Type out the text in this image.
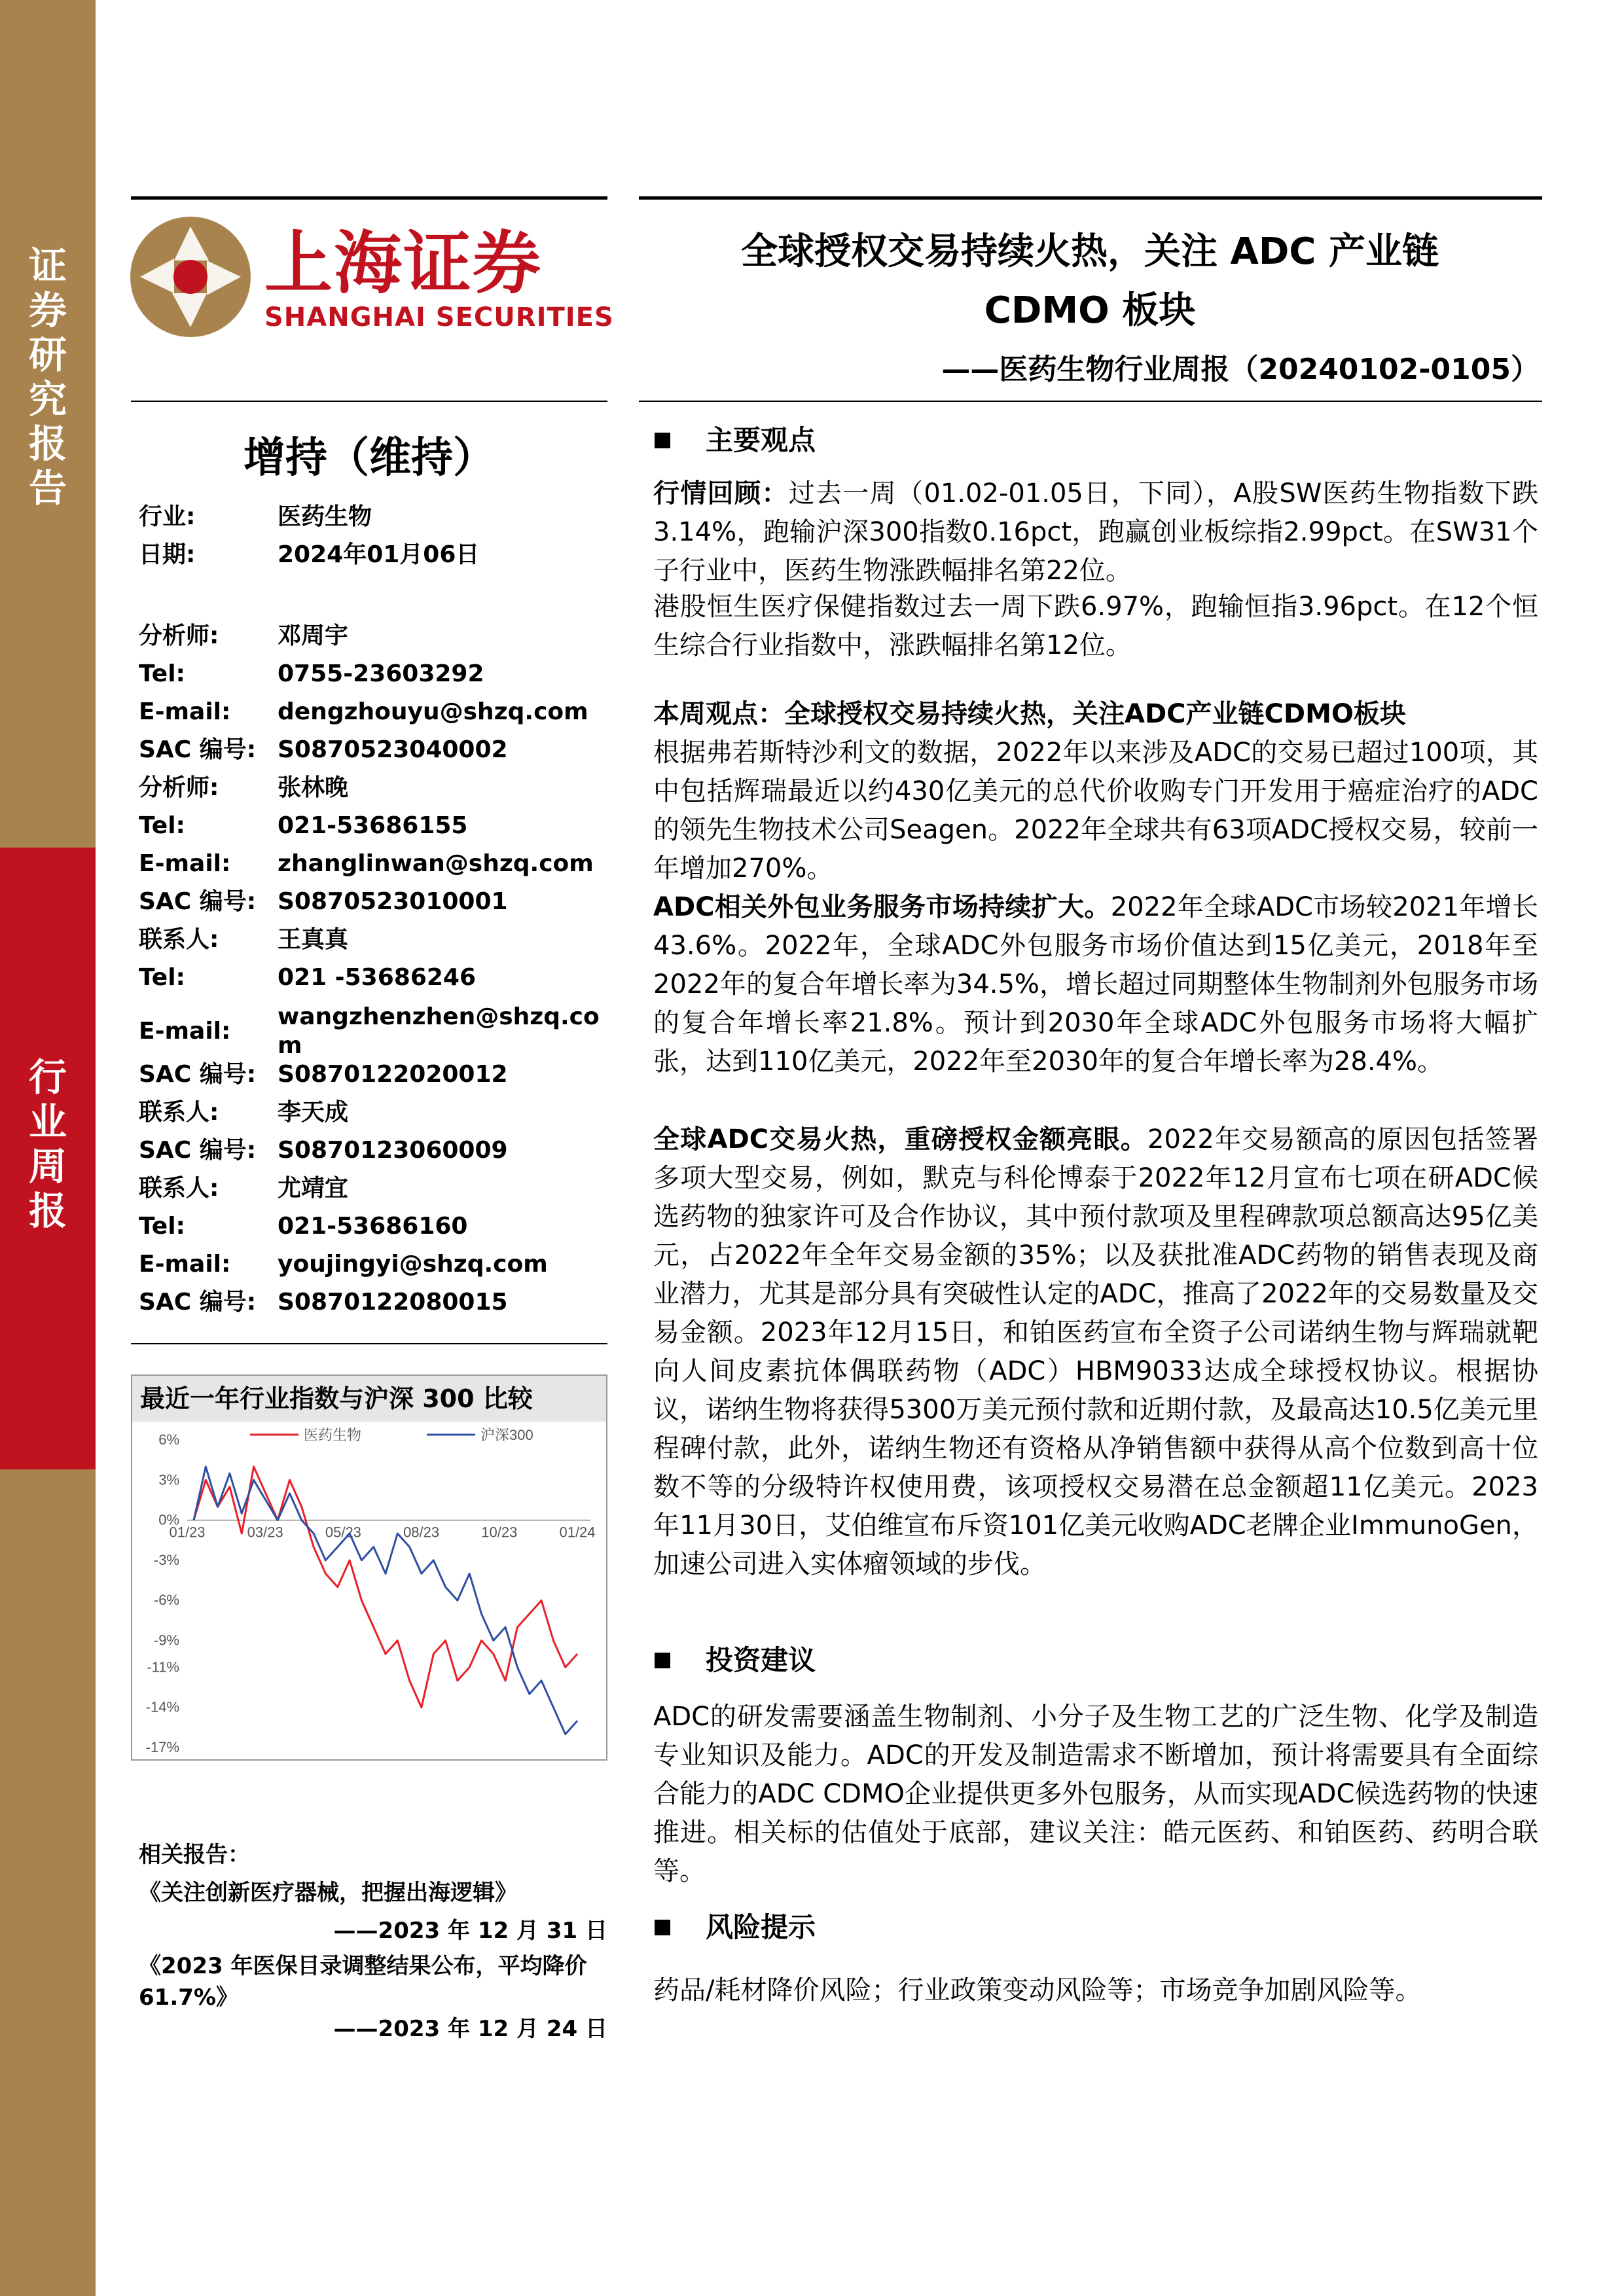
证
券
研
究
报
告
行
业
周
报
上海证券
SHANGHAI SECURITIES
全球授权交易持续火热，关注 ADC 产业链
CDMO 板块
——医药生物行业周报（20240102-0105）
增持（维持）
行业:	医药生物
日期:	2024年01月06日
分析师:	邓周宇
Tel:	0755-23603292
E-mail:	dengzhouyu@shzq.com
SAC 编号: S0870523040002
分析师:	张林晚
Tel:	021-53686155
E-mail:	zhanglinwan@shzq.com
SAC 编号: S0870523010001
联系人:	王真真
Tel:	021 -53686246
E-mail:
wangzhenzhen@shzq.com
SAC 编号: S0870122020012
联系人:	李天成
SAC 编号: S0870123060009
联系人:	尤靖宜
Tel:	021-53686160
E-mail:	youjingyi@shzq.com
SAC 编号: S0870122080015
最近一年行业指数与沪深 300 比较
6%
3%
0%
-3%
-6%
-9%
-11%
-14%
-17%
01/23	03/23	05/23	08/23	10/23	01/24
医药生物	沪深300
相关报告：
《关注创新医疗器械，把握出海逻辑》
——2023 年 12 月 31 日
《2023 年医保目录调整结果公布，平均降价 61.7%》
——2023 年 12 月 24 日
主要观点
行情回顾：过去一周（01.02-01.05日，下同），A股SW医药生物指数下跌3.14%，跑输沪深300指数0.16pct，跑赢创业板综指2.99pct。在SW31个子行业中，医药生物涨跌幅排名第22位。
港股恒生医疗保健指数过去一周下跌6.97%，跑输恒指3.96pct。在12个恒生综合行业指数中，涨跌幅排名第12位。
本周观点：全球授权交易持续火热，关注ADC产业链CDMO板块
根据弗若斯特沙利文的数据，2022年以来涉及ADC的交易已超过100项，其中包括辉瑞最近以约430亿美元的总代价收购专门开发用于癌症治疗的ADC的领先生物技术公司Seagen。2022年全球共有63项ADC授权交易，较前一年增加270%。
ADC相关外包业务服务市场持续扩大。2022年全球ADC市场较2021年增长43.6%。2022年，全球ADC外包服务市场价值达到15亿美元，2018年至2022年的复合年增长率为34.5%，增长超过同期整体生物制剂外包服务市场的复合年增长率21.8%。预计到2030年全球ADC外包服务市场将大幅扩张，达到110亿美元，2022年至2030年的复合年增长率为28.4%。
全球ADC交易火热，重磅授权金额亮眼。2022年交易额高的原因包括签署多项大型交易，例如，默克与科伦博泰于2022年12月宣布七项在研ADC候选药物的独家许可及合作协议，其中预付款项及里程碑款项总额高达95亿美元，占2022年全年交易金额的35%；以及获批准ADC药物的销售表现及商业潜力，尤其是部分具有突破性认定的ADC，推高了2022年的交易数量及交易金额。2023年12月15日，和铂医药宣布全资子公司诺纳生物与辉瑞就靶向人间皮素抗体偶联药物（ADC）HBM9033达成全球授权协议。根据协议，诺纳生物将获得5300万美元预付款和近期付款，及最高达10.5亿美元里程碑付款，此外，诺纳生物还有资格从净销售额中获得从高个位数到高十位数不等的分级特许权使用费，该项授权交易潜在总金额超11亿美元。2023年11月30日，艾伯维宣布斥资101亿美元收购ADC老牌企业ImmunoGen，加速公司进入实体瘤领域的步伐。
投资建议
ADC的研发需要涵盖生物制剂、小分子及生物工艺的广泛生物、化学及制造专业知识及能力。ADC的开发及制造需求不断增加，预计将需要具有全面综合能力的ADC CDMO企业提供更多外包服务，从而实现ADC候选药物的快速推进。相关标的估值处于底部，建议关注：皓元医药、和铂医药、药明合联等。
风险提示
药品/耗材降价风险；行业政策变动风险等；市场竞争加剧风险等。
